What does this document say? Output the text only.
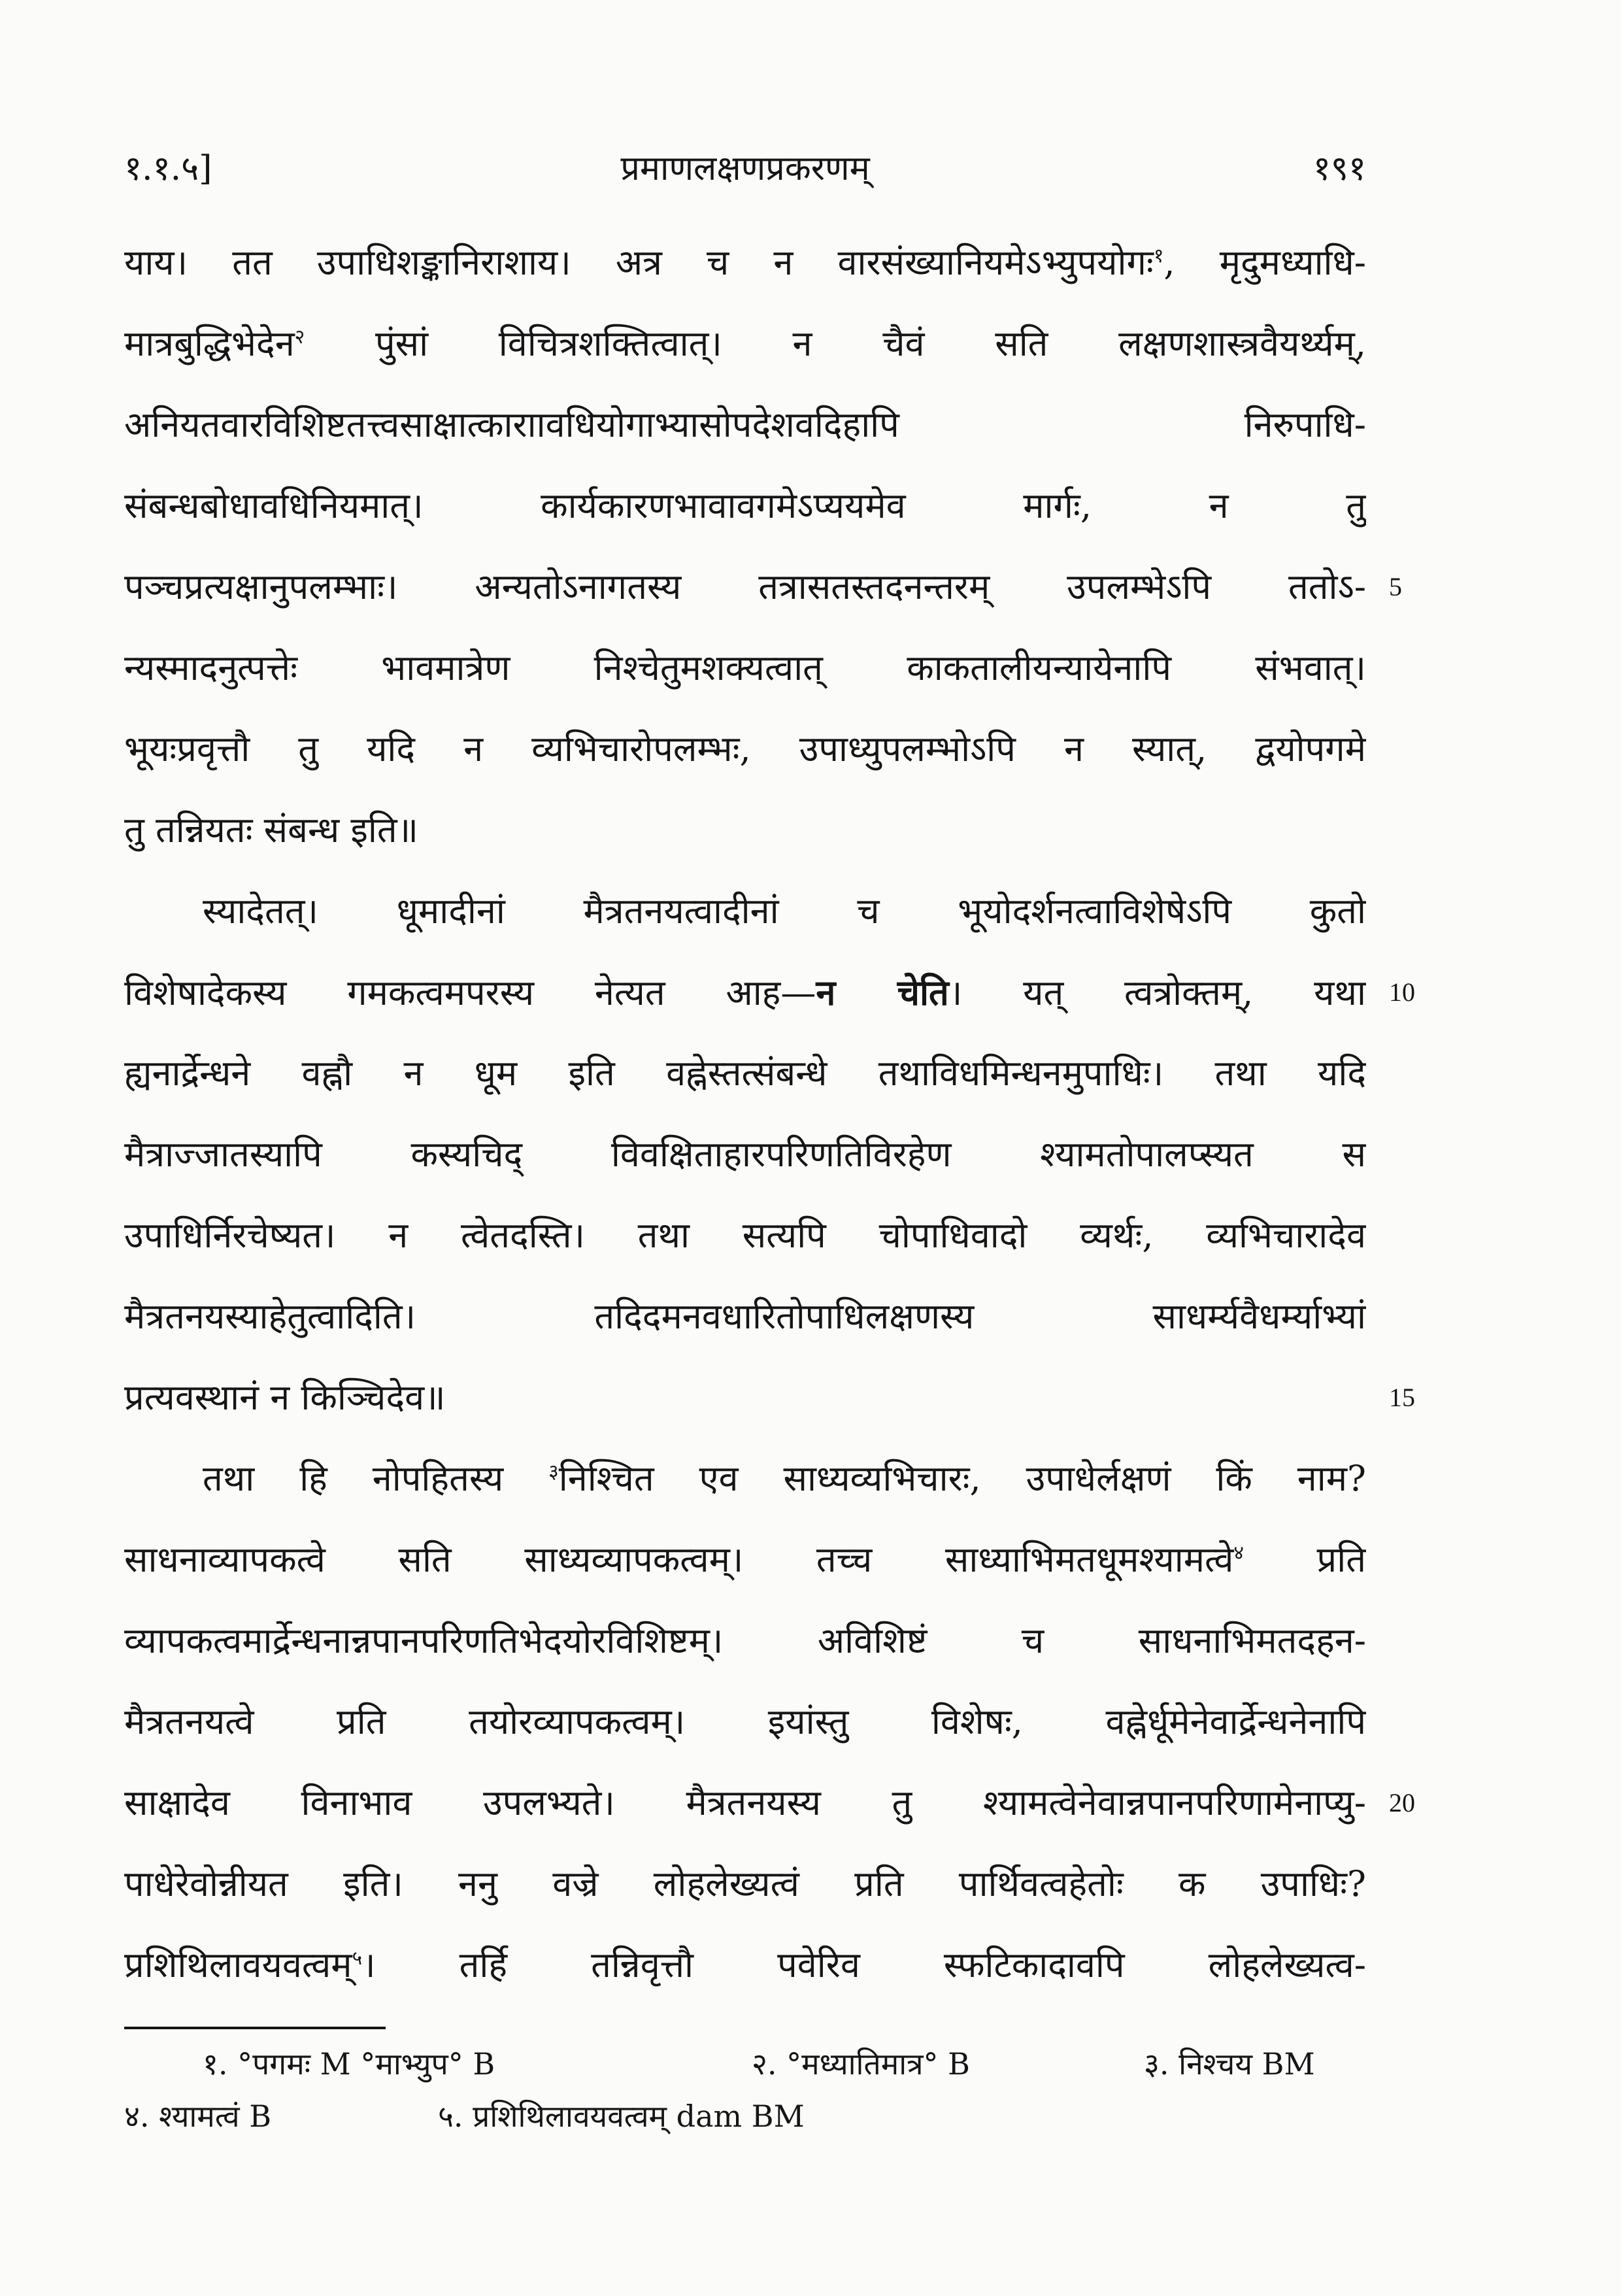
१.१.५]	प्रमाणलक्षणप्रकरणम्	१९१
याय। तत उपाधिशङ्कानिराशाय। अत्र च न वारसंख्यानियमेऽभ्युपयोगः$^१$, मृदुमध्याधि-
मात्रबुद्धिभेदेन$^२$ पुंसां विचित्रशक्तित्वात्। न चैवं सति लक्षणशास्त्रवैयर्थ्यम्,
अनियतवारविशिष्टतत्त्वसाक्षात्काराावधियोगाभ्यासोपदेशवदिहापि निरुपाधि-
संबन्धबोधावधिनियमात्। कार्यकारणभावावगमेऽप्ययमेव मार्गः, न तु
पञ्चप्रत्यक्षानुपलम्भाः। अन्यतोऽनागतस्य तत्रासतस्तदनन्तरम् उपलम्भेऽपि ततोऽ-
न्यस्मादनुत्पत्तेः भावमात्रेण निश्चेतुमशक्यत्वात् काकतालीयन्यायेनापि संभवात्।
भूयःप्रवृत्तौ तु यदि न व्यभिचारोपलम्भः, उपाध्युपलम्भोऽपि न स्यात्, द्वयोपगमे
तु तन्नियतः संबन्ध इति॥
स्यादेतत्। धूमादीनां मैत्रतनयत्वादीनां च भूयोदर्शनत्वाविशेषेऽपि कुतो
विशेषादेकस्य गमकत्वमपरस्य नेत्यत आह—न चेति। यत् त्वत्रोक्तम्, यथा
ह्यनार्द्रेन्धने वह्नौ न धूम इति वह्नेस्तत्संबन्धे तथाविधमिन्धनमुपाधिः। तथा यदि
मैत्राज्जातस्यापि कस्यचिद् विवक्षिताहारपरिणतिविरहेण श्यामतोपालप्स्यत स
उपाधिर्निरचेष्यत। न त्वेतदस्ति। तथा सत्यपि चोपाधिवादो व्यर्थः, व्यभिचारादेव
मैत्रतनयस्याहेतुत्वादिति। तदिदमनवधारितोपाधिलक्षणस्य साधर्म्यवैधर्म्याभ्यां
प्रत्यवस्थानं न किञ्चिदेव॥
तथा हि नोपहितस्य $^३$निश्चित एव साध्यव्यभिचारः, उपाधेर्लक्षणं किं नाम?
साधनाव्यापकत्वे सति साध्यव्यापकत्वम्। तच्च साध्याभिमतधूमश्यामत्वे$^४$ प्रति
व्यापकत्वमार्द्रेन्धनान्नपानपरिणतिभेदयोरविशिष्टम्। अविशिष्टं च साधनाभिमतदहन-
मैत्रतनयत्वे प्रति तयोरव्यापकत्वम्। इयांस्तु विशेषः, वह्नेर्धूमेनेवार्द्रेन्धनेनापि
साक्षादेव विनाभाव उपलभ्यते। मैत्रतनयस्य तु श्यामत्वेनेवान्नपानपरिणामेनाप्यु-
पाधेरेवोन्नीयत इति। ननु वज्रे लोहलेख्यत्वं प्रति पार्थिवत्वहेतोः क उपाधिः?
प्रशिथिलावयवत्वम्$^५$। तर्हि तन्निवृत्तौ पवेरिव स्फटिकादावपि लोहलेख्यत्व-
5
10
15
20
१. °पगमः M °माभ्युप° B	२. °मध्यातिमात्र° B	३. निश्चय BM
४. श्यामत्वं B	५. प्रशिथिलावयवत्वम् dam BM
